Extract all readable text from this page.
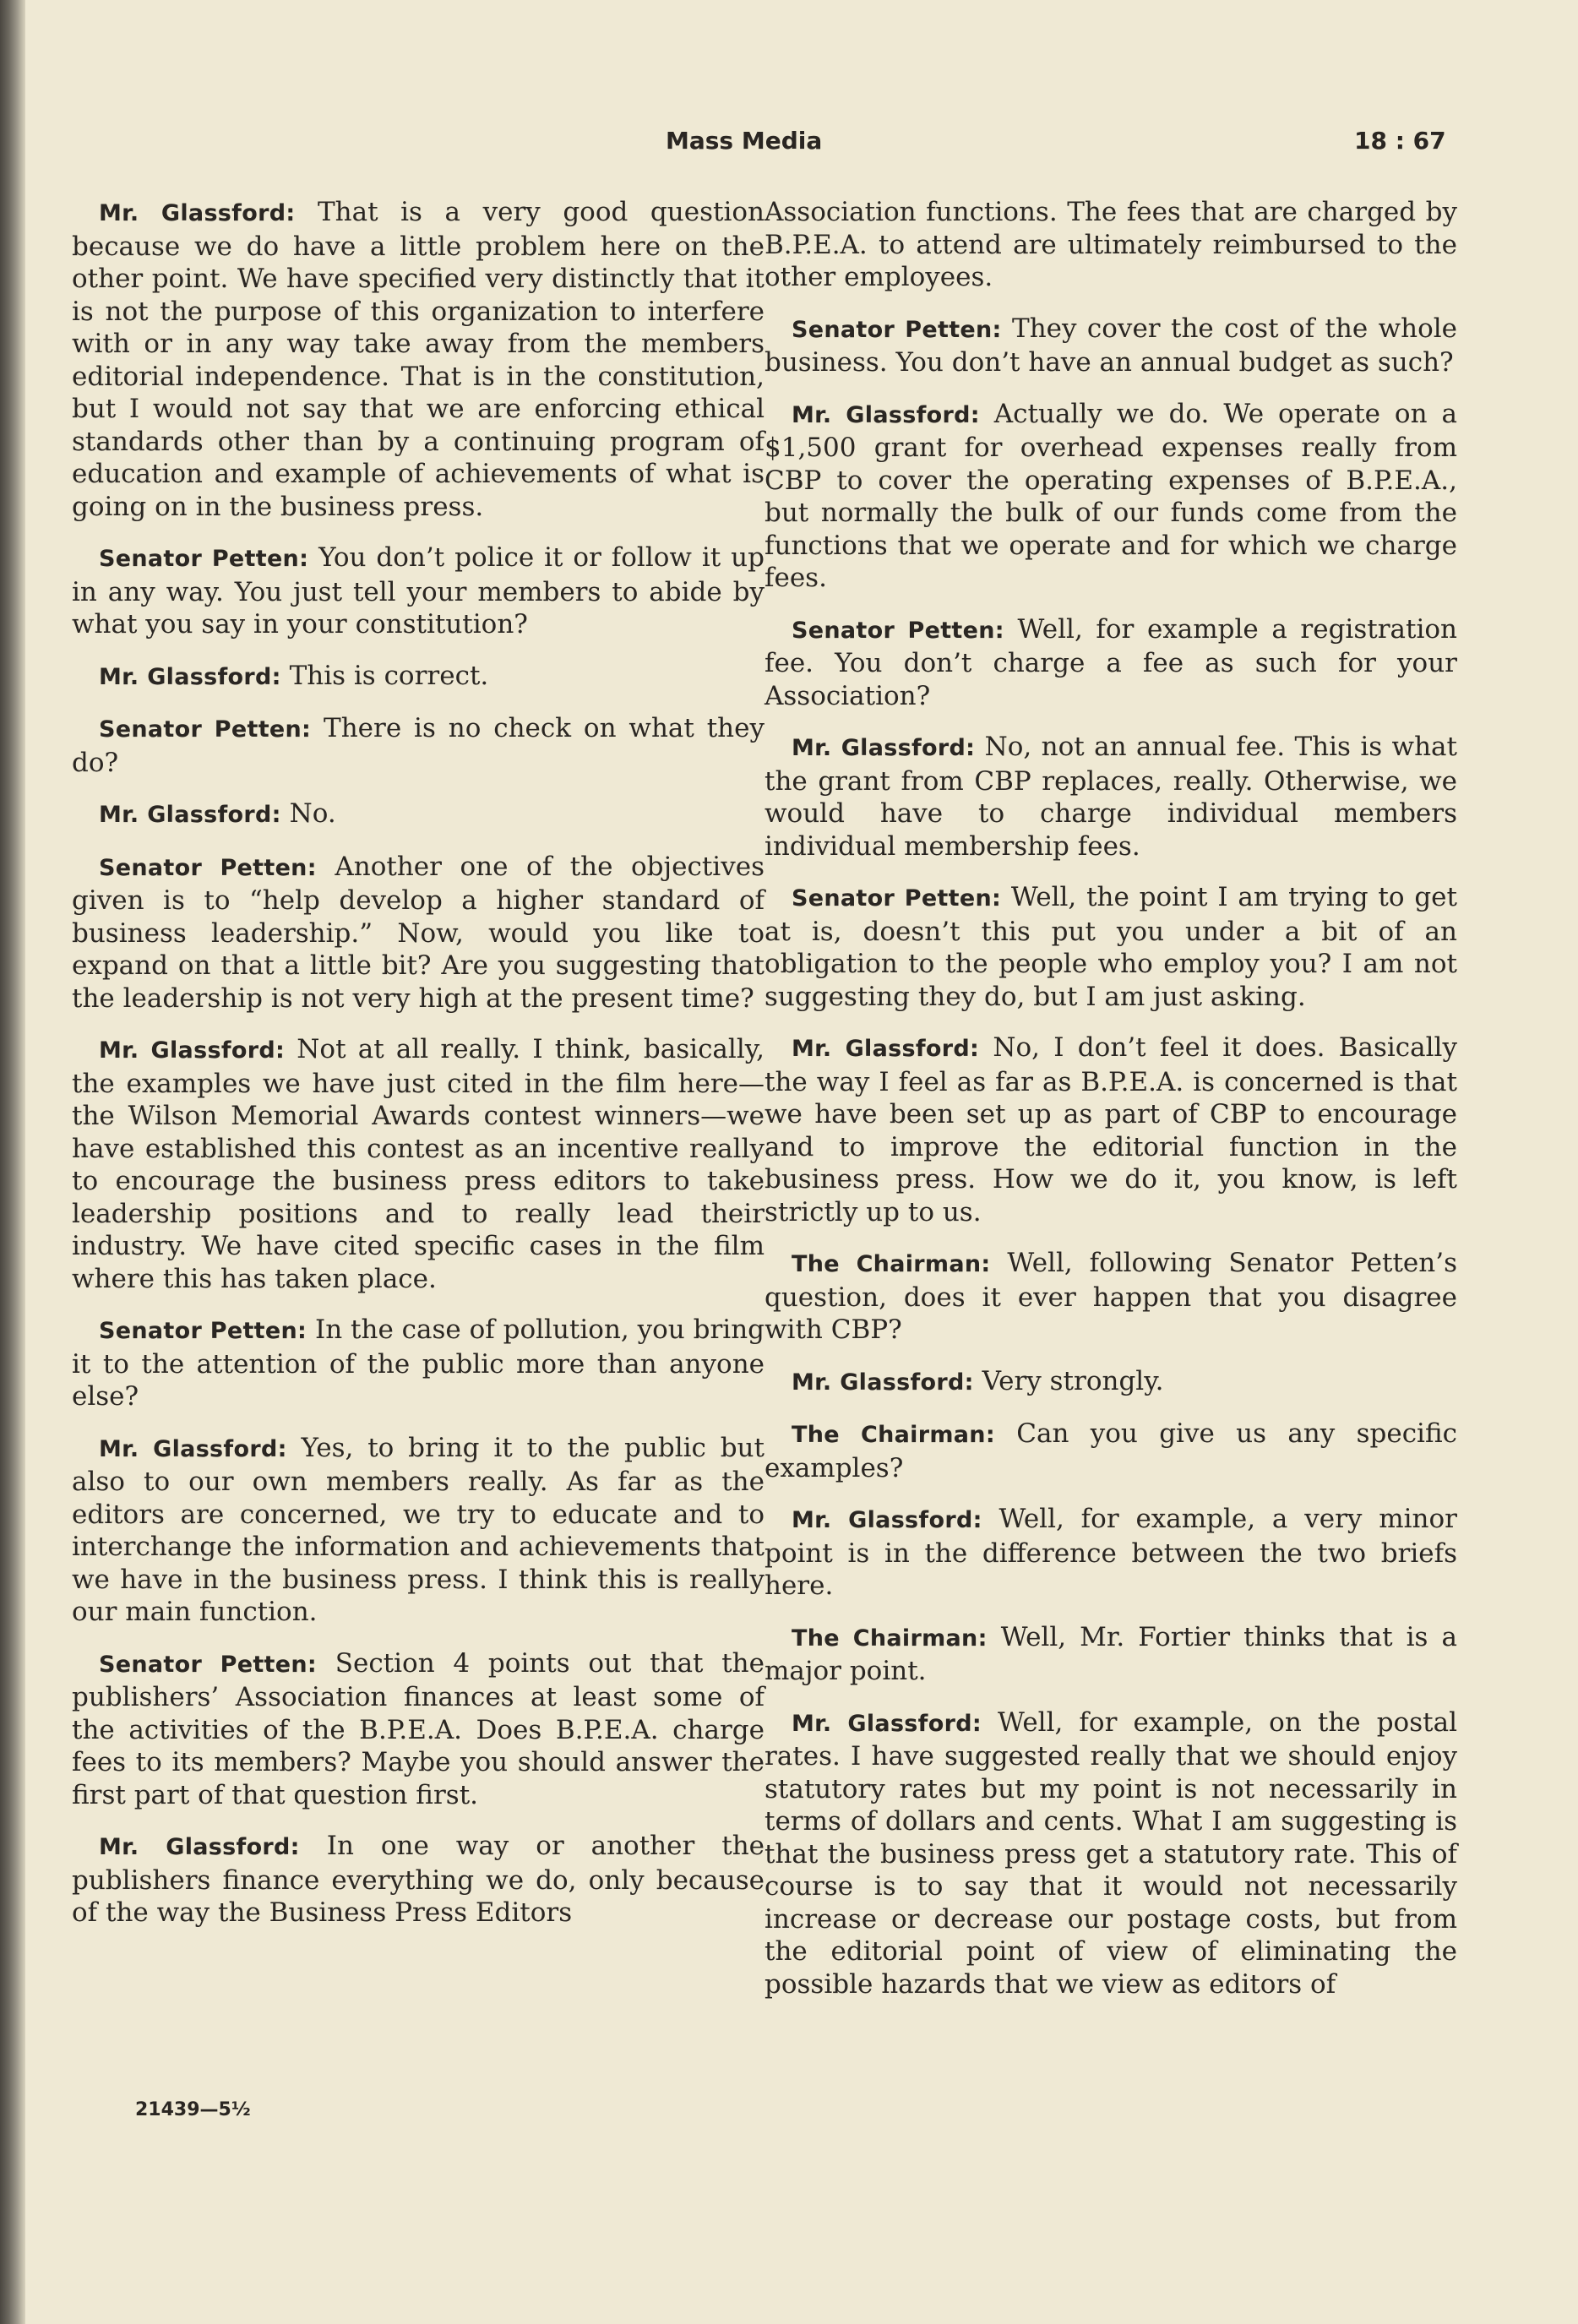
Mass Media	18 : 67

Mr. Glassford: That is a very good question because we do have a little problem here on the other point. We have specified very distinctly that it is not the purpose of this organization to interfere with or in any way take away from the members editorial independence. That is in the constitution, but I would not say that we are enforcing ethical standards other than by a continuing program of education and example of achievements of what is going on in the business press.

Senator Petten: You don’t police it or follow it up in any way. You just tell your members to abide by what you say in your constitution?

Mr. Glassford: This is correct.

Senator Petten: There is no check on what they do?

Mr. Glassford: No.

Senator Petten: Another one of the objectives given is to “help develop a higher standard of business leadership.” Now, would you like to expand on that a little bit? Are you suggesting that the leadership is not very high at the present time?

Mr. Glassford: Not at all really. I think, basically, the examples we have just cited in the film here—the Wilson Memorial Awards contest winners—we have established this contest as an incentive really to encourage the business press editors to take leadership positions and to really lead their industry. We have cited specific cases in the film where this has taken place.

Senator Petten: In the case of pollution, you bring it to the attention of the public more than anyone else?

Mr. Glassford: Yes, to bring it to the public but also to our own members really. As far as the editors are concerned, we try to educate and to interchange the information and achievements that we have in the business press. I think this is really our main function.

Senator Petten: Section 4 points out that the publishers’ Association finances at least some of the activities of the B.P.E.A. Does B.P.E.A. charge fees to its members? Maybe you should answer the first part of that question first.

Mr. Glassford: In one way or another the publishers finance everything we do, only because of the way the Business Press Editors

Association functions. The fees that are charged by B.P.E.A. to attend are ultimately reimbursed to the other employees.

Senator Petten: They cover the cost of the whole business. You don’t have an annual budget as such?

Mr. Glassford: Actually we do. We operate on a $1,500 grant for overhead expenses really from CBP to cover the operating expenses of B.P.E.A., but normally the bulk of our funds come from the functions that we operate and for which we charge fees.

Senator Petten: Well, for example a registration fee. You don’t charge a fee as such for your Association?

Mr. Glassford: No, not an annual fee. This is what the grant from CBP replaces, really. Otherwise, we would have to charge individual members individual membership fees.

Senator Petten: Well, the point I am trying to get at is, doesn’t this put you under a bit of an obligation to the people who employ you? I am not suggesting they do, but I am just asking.

Mr. Glassford: No, I don’t feel it does. Basically the way I feel as far as B.P.E.A. is concerned is that we have been set up as part of CBP to encourage and to improve the editorial function in the business press. How we do it, you know, is left strictly up to us.

The Chairman: Well, following Senator Petten’s question, does it ever happen that you disagree with CBP?

Mr. Glassford: Very strongly.

The Chairman: Can you give us any specific examples?

Mr. Glassford: Well, for example, a very minor point is in the difference between the two briefs here.

The Chairman: Well, Mr. Fortier thinks that is a major point.

Mr. Glassford: Well, for example, on the postal rates. I have suggested really that we should enjoy statutory rates but my point is not necessarily in terms of dollars and cents. What I am suggesting is that the business press get a statutory rate. This of course is to say that it would not necessarily increase or decrease our postage costs, but from the editorial point of view of eliminating the possible hazards that we view as editors of

21439—5½
